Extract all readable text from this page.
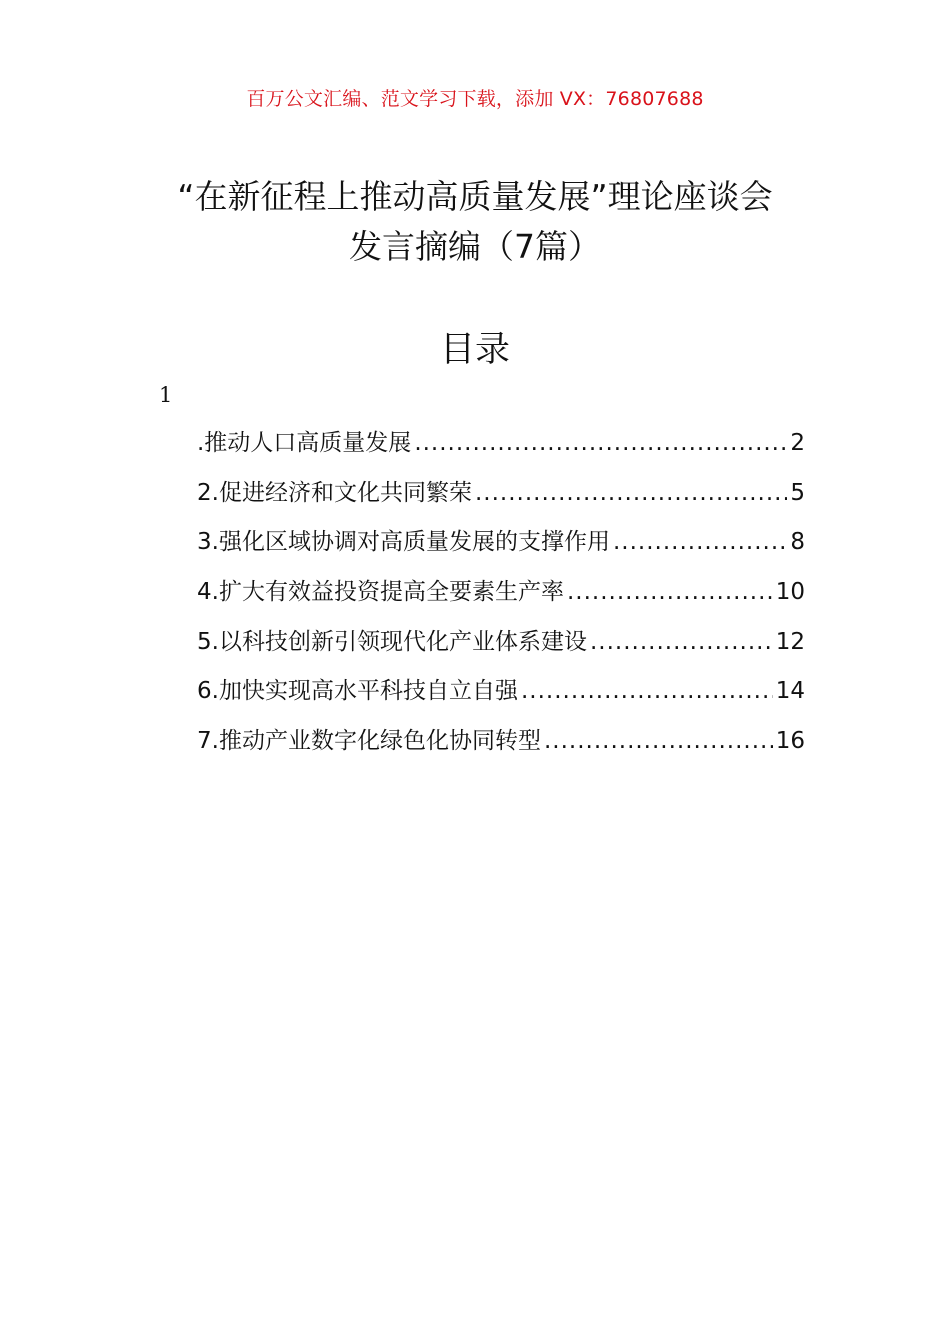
百万公文汇编、范文学习下载，添加 VX：76807688
“在新征程上推动高质量发展”理论座谈会
发言摘编（7篇）
目录
1
.推动人口高质量发展 .....	2
2.促进经济和文化共同繁荣 .....	5
3.强化区域协调对高质量发展的支撑作用 .....	8
4.扩大有效益投资提高全要素生产率 .....	10
5.以科技创新引领现代化产业体系建设 .....	12
6.加快实现高水平科技自立自强 .....	14
7.推动产业数字化绿色化协同转型 .....	16
